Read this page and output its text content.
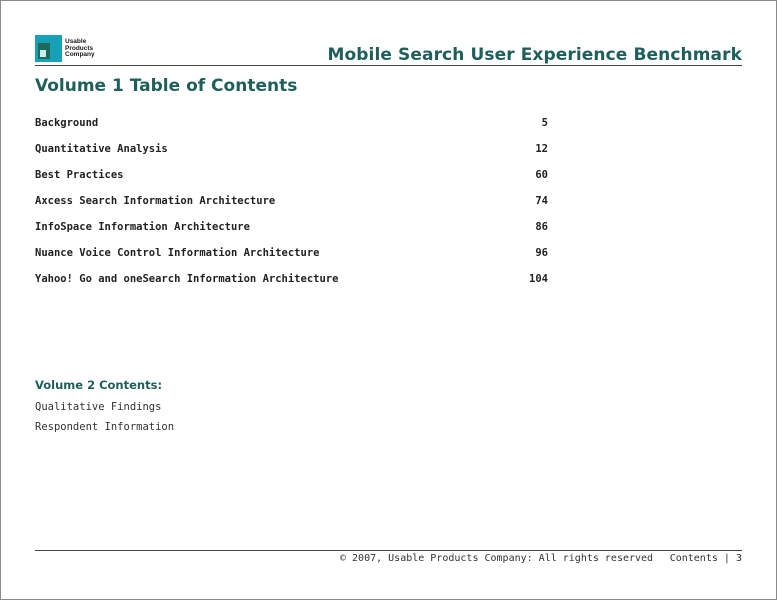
Usable
Products
Company	Mobile Search User Experience Benchmark
Volume 1 Table of Contents
Background	5
Quantitative Analysis	12
Best Practices	60
Axcess Search Information Architecture	74
InfoSpace Information Architecture	86
Nuance Voice Control Information Architecture	96
Yahoo! Go and oneSearch Information Architecture	104
Volume 2 Contents:
Qualitative Findings
Respondent Information
© 2007, Usable Products Company: All rights reserved Contents | 3
